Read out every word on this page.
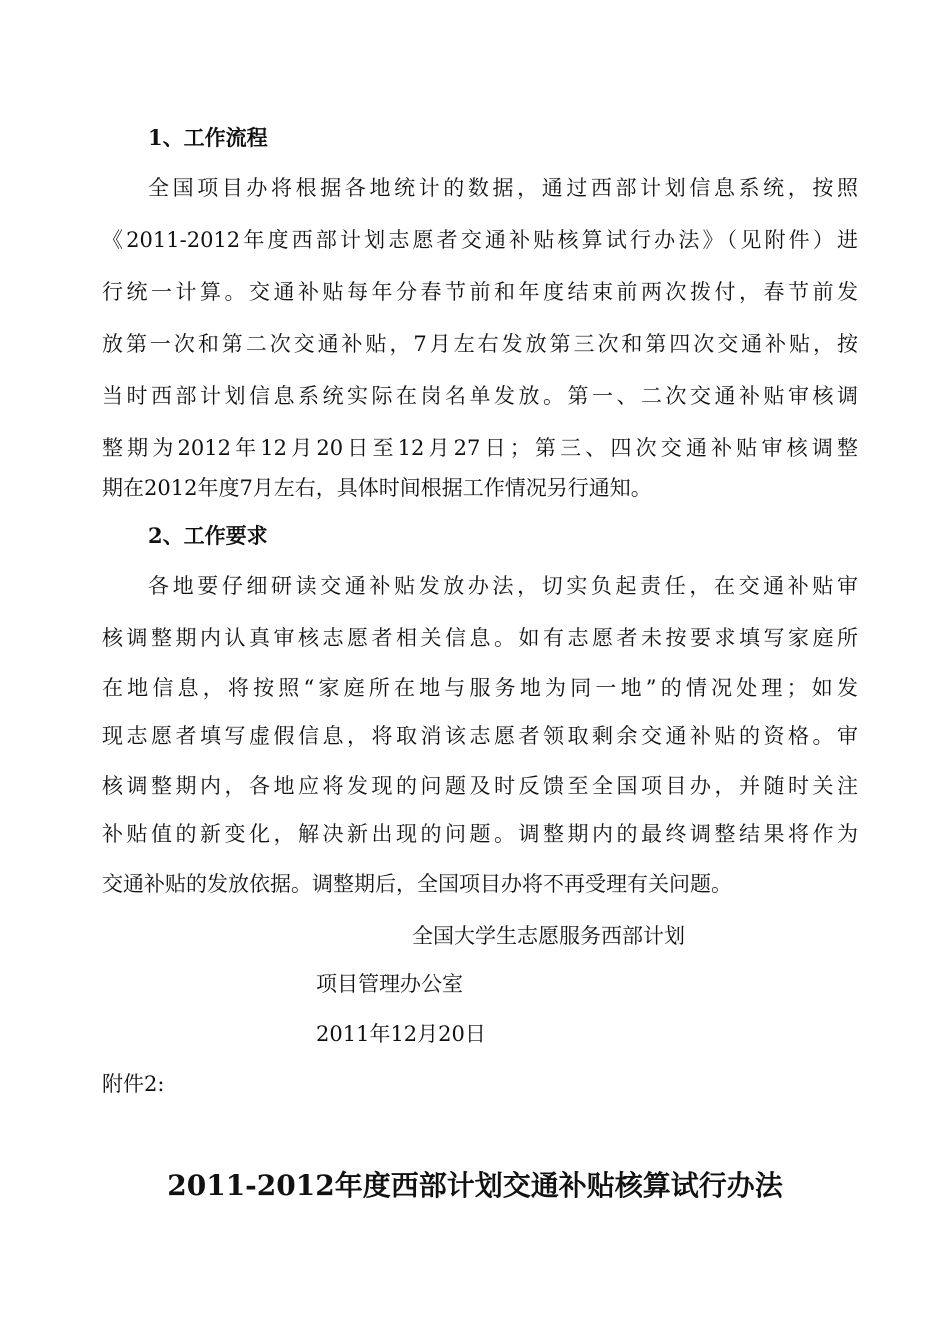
1、工作流程
全国项目办将根据各地统计的数据，通过西部计划信息系统，按照
《2011-2012年度西部计划志愿者交通补贴核算试行办法》（见附件）进
行统一计算。交通补贴每年分春节前和年度结束前两次拨付，春节前发
放第一次和第二次交通补贴，7月左右发放第三次和第四次交通补贴，按
当时西部计划信息系统实际在岗名单发放。第一、二次交通补贴审核调
整期为2012年12月20日至12月27日；第三、四次交通补贴审核调整
期在2012年度7月左右，具体时间根据工作情况另行通知。
2、工作要求
各地要仔细研读交通补贴发放办法，切实负起责任，在交通补贴审
核调整期内认真审核志愿者相关信息。如有志愿者未按要求填写家庭所
在地信息，将按照“家庭所在地与服务地为同一地”的情况处理；如发
现志愿者填写虚假信息，将取消该志愿者领取剩余交通补贴的资格。审
核调整期内，各地应将发现的问题及时反馈至全国项目办，并随时关注
补贴值的新变化，解决新出现的问题。调整期内的最终调整结果将作为
交通补贴的发放依据。调整期后，全国项目办将不再受理有关问题。
全国大学生志愿服务西部计划
项目管理办公室
2011年12月20日
附件2:
2011-2012年度西部计划交通补贴核算试行办法
